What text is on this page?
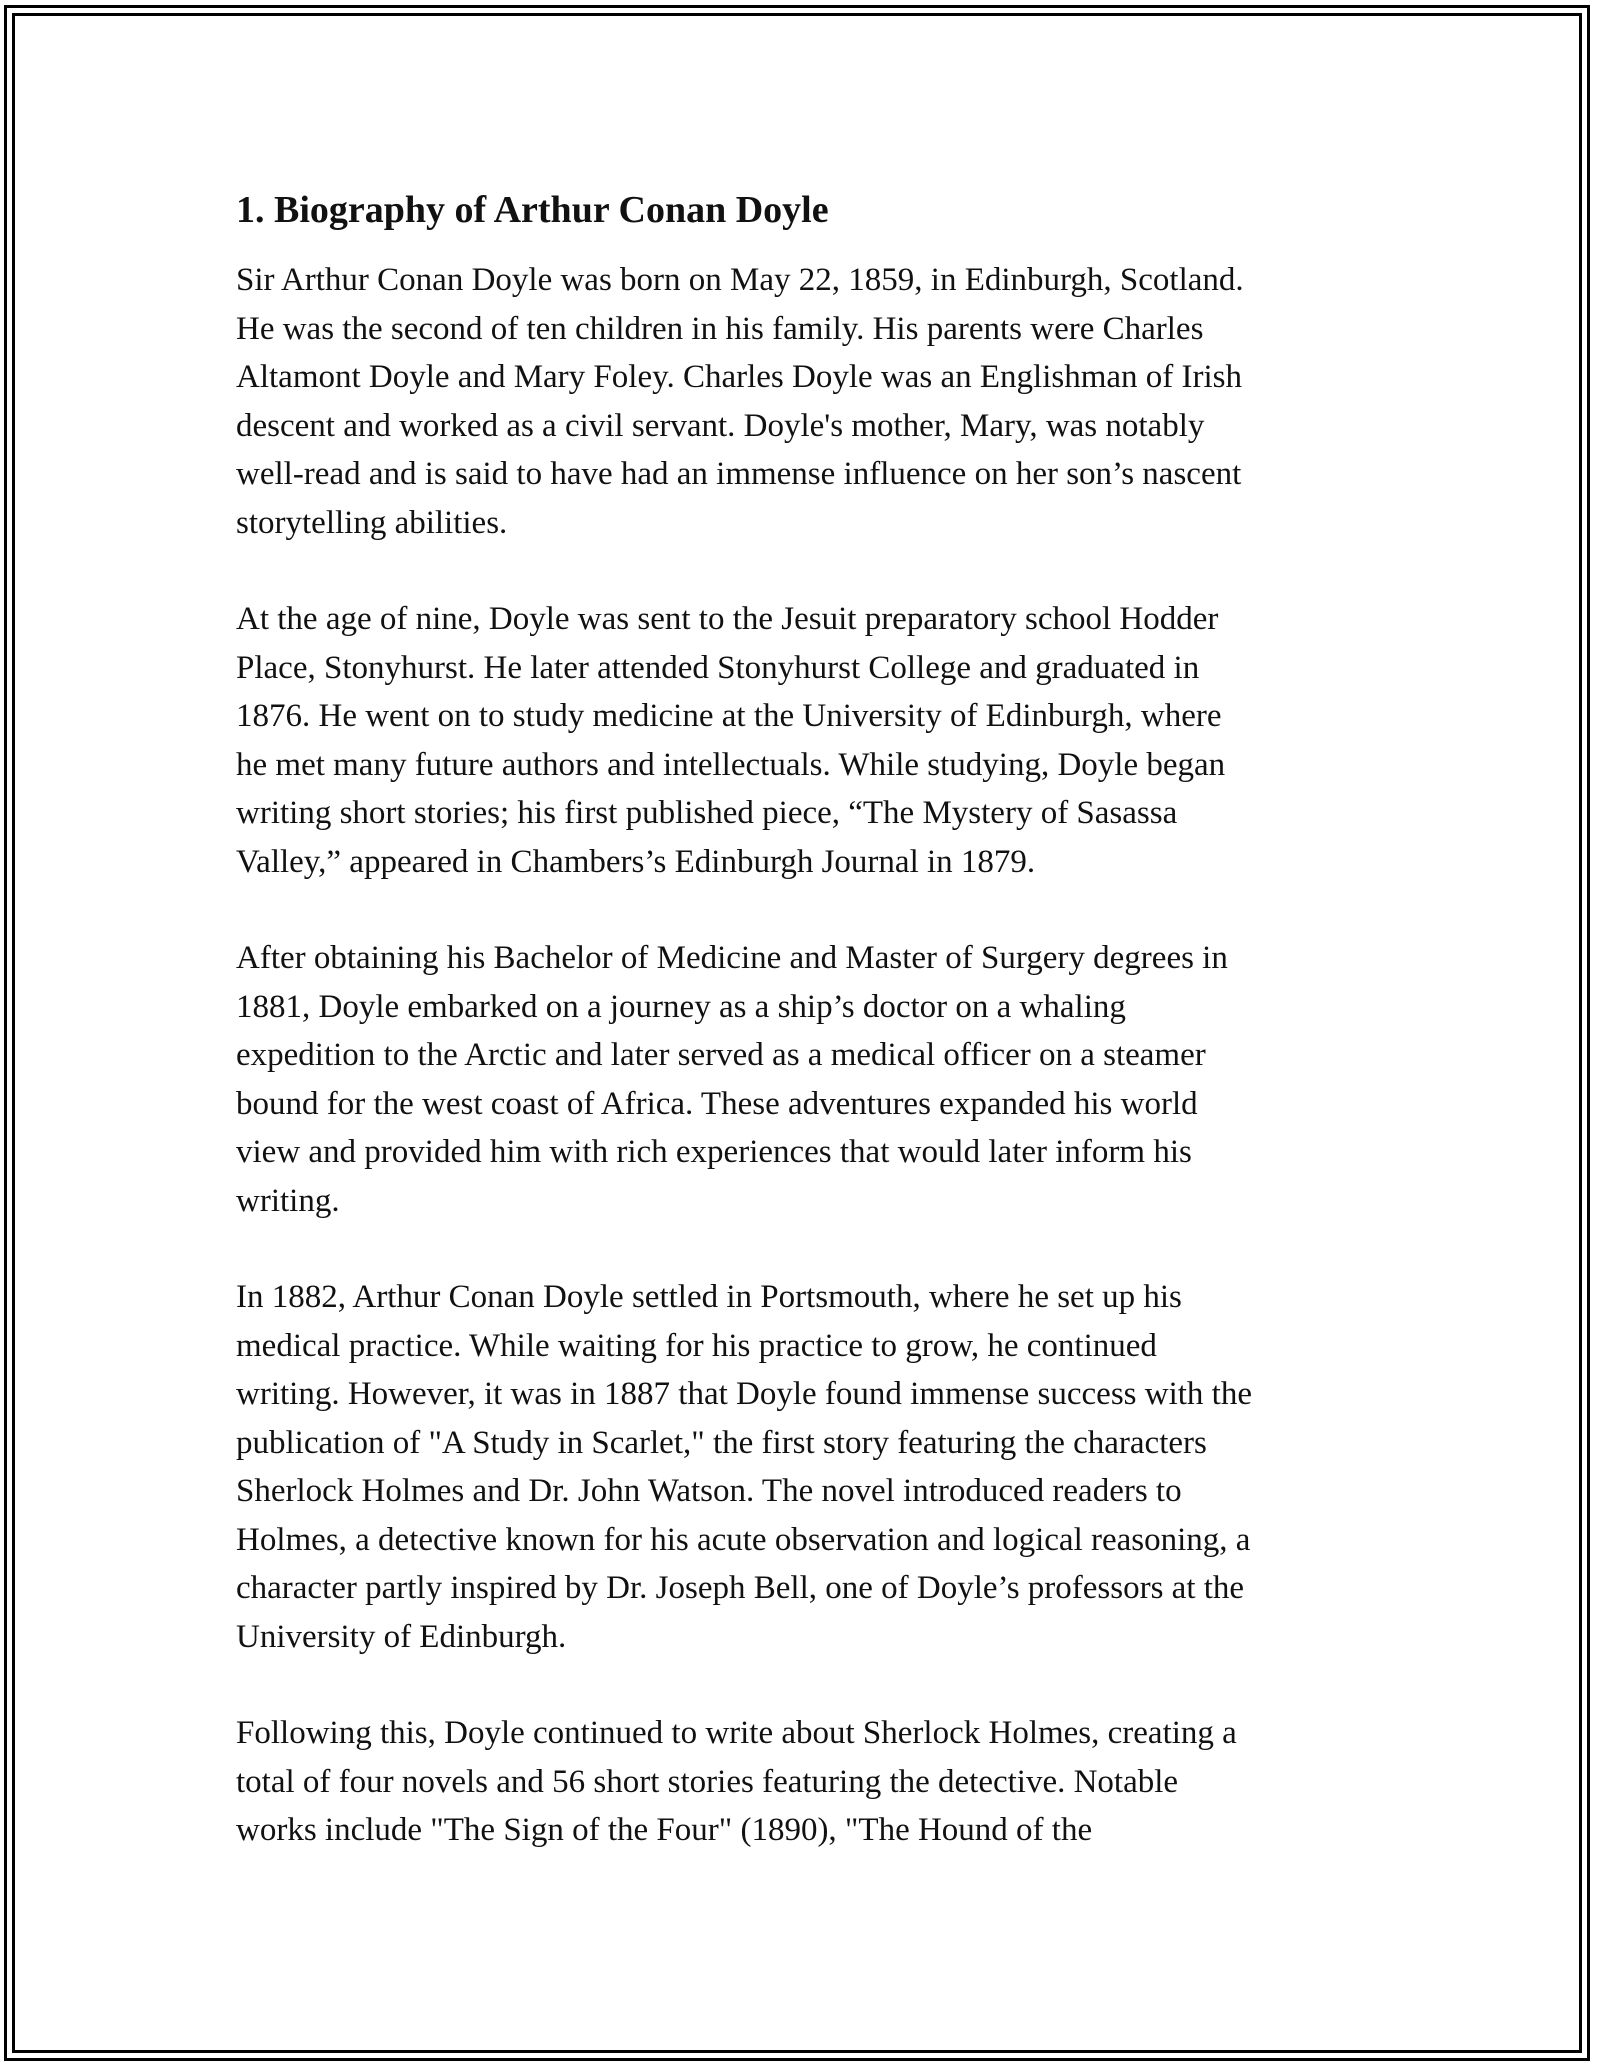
1. Biography of Arthur Conan Doyle
Sir Arthur Conan Doyle was born on May 22, 1859, in Edinburgh, Scotland.
He was the second of ten children in his family. His parents were Charles
Altamont Doyle and Mary Foley. Charles Doyle was an Englishman of Irish
descent and worked as a civil servant. Doyle's mother, Mary, was notably
well-read and is said to have had an immense influence on her son’s nascent
storytelling abilities.
At the age of nine, Doyle was sent to the Jesuit preparatory school Hodder
Place, Stonyhurst. He later attended Stonyhurst College and graduated in
1876. He went on to study medicine at the University of Edinburgh, where
he met many future authors and intellectuals. While studying, Doyle began
writing short stories; his first published piece, “The Mystery of Sasassa
Valley,” appeared in Chambers’s Edinburgh Journal in 1879.
After obtaining his Bachelor of Medicine and Master of Surgery degrees in
1881, Doyle embarked on a journey as a ship’s doctor on a whaling
expedition to the Arctic and later served as a medical officer on a steamer
bound for the west coast of Africa. These adventures expanded his world
view and provided him with rich experiences that would later inform his
writing.
In 1882, Arthur Conan Doyle settled in Portsmouth, where he set up his
medical practice. While waiting for his practice to grow, he continued
writing. However, it was in 1887 that Doyle found immense success with the
publication of "A Study in Scarlet," the first story featuring the characters
Sherlock Holmes and Dr. John Watson. The novel introduced readers to
Holmes, a detective known for his acute observation and logical reasoning, a
character partly inspired by Dr. Joseph Bell, one of Doyle’s professors at the
University of Edinburgh.
Following this, Doyle continued to write about Sherlock Holmes, creating a
total of four novels and 56 short stories featuring the detective. Notable
works include "The Sign of the Four" (1890), "The Hound of the
